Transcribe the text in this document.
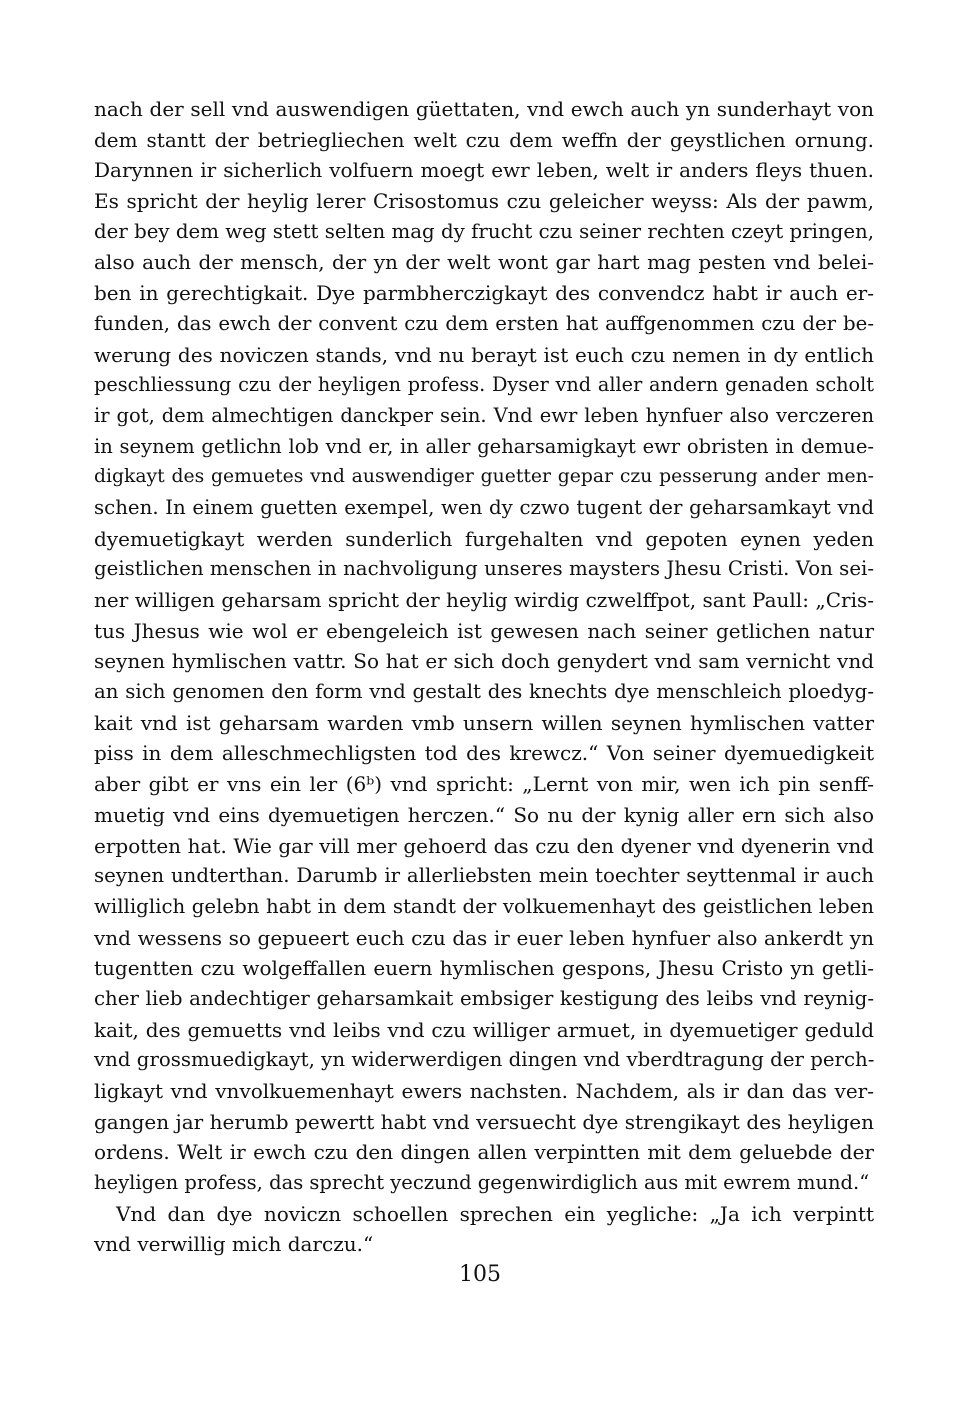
nach der sell vnd auswendigen güettaten, vnd ewch auch yn sunderhayt von
dem stantt der betriegliechen welt czu dem weffn der geystlichen ornung.
Darynnen ir sicherlich volfuern moegt ewr leben, welt ir anders fleys thuen.
Es spricht der heylig lerer Crisostomus czu geleicher weyss: Als der pawm,
der bey dem weg stett selten mag dy frucht czu seiner rechten czeyt pringen,
also auch der mensch, der yn der welt wont gar hart mag pesten vnd belei-
ben in gerechtigkait. Dye parmbherczigkayt des convendcz habt ir auch er-
funden, das ewch der convent czu dem ersten hat auffgenommen czu der be-
werung des noviczen stands, vnd nu berayt ist euch czu nemen in dy entlich
peschliessung czu der heyligen profess. Dyser vnd aller andern genaden scholt
ir got, dem almechtigen danckper sein. Vnd ewr leben hynfuer also verczeren
in seynem getlichn lob vnd er, in aller geharsamigkayt ewr obristen in demue-
digkayt des gemuetes vnd auswendiger guetter gepar czu pesserung ander men-
schen. In einem guetten exempel, wen dy czwo tugent der geharsamkayt vnd
dyemuetigkayt werden sunderlich furgehalten vnd gepoten eynen yeden
geistlichen menschen in nachvoligung unseres maysters Jhesu Cristi. Von sei-
ner willigen geharsam spricht der heylig wirdig czwelffpot, sant Paull: „Cris-
tus Jhesus wie wol er ebengeleich ist gewesen nach seiner getlichen natur
seynen hymlischen vattr. So hat er sich doch genydert vnd sam vernicht vnd
an sich genomen den form vnd gestalt des knechts dye menschleich ploedyg-
kait vnd ist geharsam warden vmb unsern willen seynen hymlischen vatter
piss in dem alleschmechligsten tod des krewcz.“ Von seiner dyemuedigkeit
aber gibt er vns ein ler (6ᵇ) vnd spricht: „Lernt von mir, wen ich pin senff-
muetig vnd eins dyemuetigen herczen.“ So nu der kynig aller ern sich also
erpotten hat. Wie gar vill mer gehoerd das czu den dyener vnd dyenerin vnd
seynen undterthan. Darumb ir allerliebsten mein toechter seyttenmal ir auch
williglich gelebn habt in dem standt der volkuemenhayt des geistlichen leben
vnd wessens so gepueert euch czu das ir euer leben hynfuer also ankerdt yn
tugentten czu wolgeffallen euern hymlischen gespons, Jhesu Cristo yn getli-
cher lieb andechtiger geharsamkait embsiger kestigung des leibs vnd reynig-
kait, des gemuetts vnd leibs vnd czu williger armuet, in dyemuetiger geduld
vnd grossmuedigkayt, yn widerwerdigen dingen vnd vberdtragung der perch-
ligkayt vnd vnvolkuemenhayt ewers nachsten. Nachdem, als ir dan das ver-
gangen jar herumb pewertt habt vnd versuecht dye strengikayt des heyligen
ordens. Welt ir ewch czu den dingen allen verpintten mit dem geluebde der
heyligen profess, das sprecht yeczund gegenwirdiglich aus mit ewrem mund.“
Vnd dan dye noviczn schoellen sprechen ein yegliche: „Ja ich verpintt
vnd verwillig mich darczu.“
105
